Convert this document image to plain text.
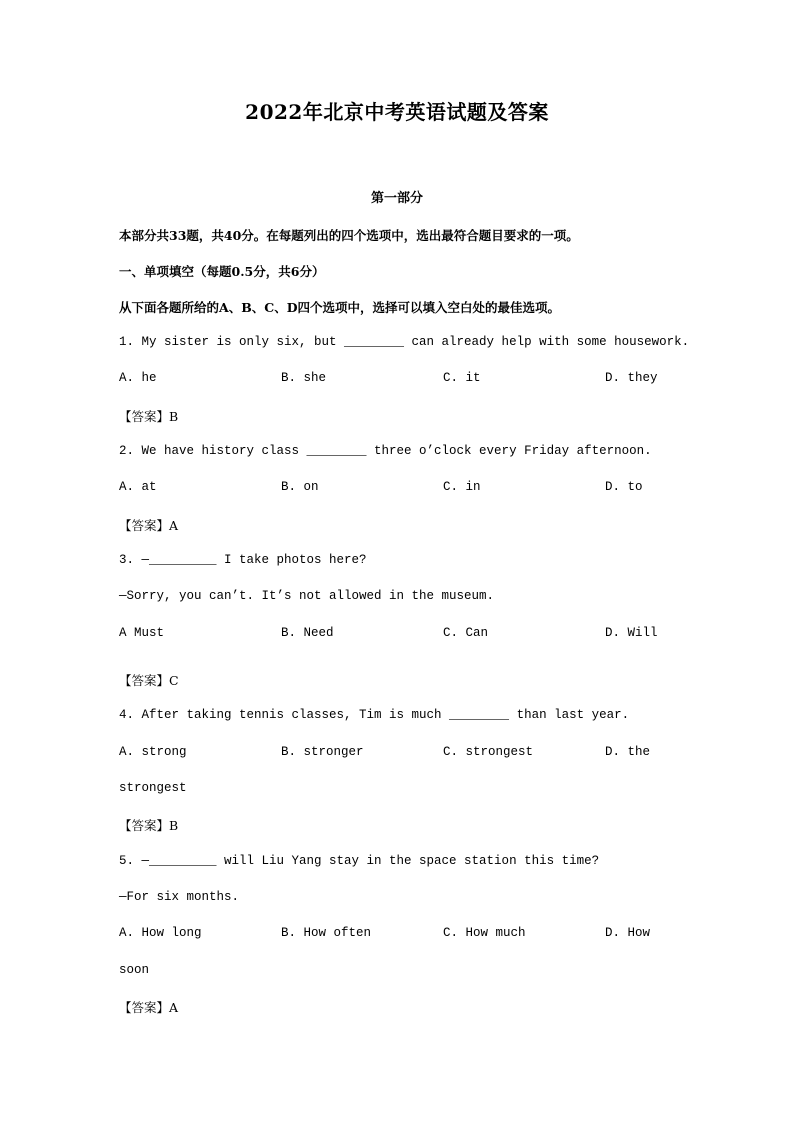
2022年北京中考英语试题及答案
第一部分
本部分共33题，共40分。在每题列出的四个选项中，选出最符合题目要求的一项。
一、单项填空（每题0.5分，共6分）
从下面各题所给的A、B、C、D四个选项中，选择可以填入空白处的最佳选项。
1. My sister is only six, but ________ can already help with some housework.
A. he	B. she	C. it	D. they
【答案】B
2. We have history class ________ three o’clock every Friday afternoon.
A. at	B. on	C. in	D. to
【答案】A
3. —_________ I take photos here?
—Sorry, you can’t. It’s not allowed in the museum.
A Must	B. Need	C. Can	D. Will
【答案】C
4. After taking tennis classes, Tim is much ________ than last year.
A. strong	B. stronger	C. strongest	D. the
strongest
【答案】B
5. —_________ will Liu Yang stay in the space station this time?
—For six months.
A. How long	B. How often	C. How much	D. How
soon
【答案】A
